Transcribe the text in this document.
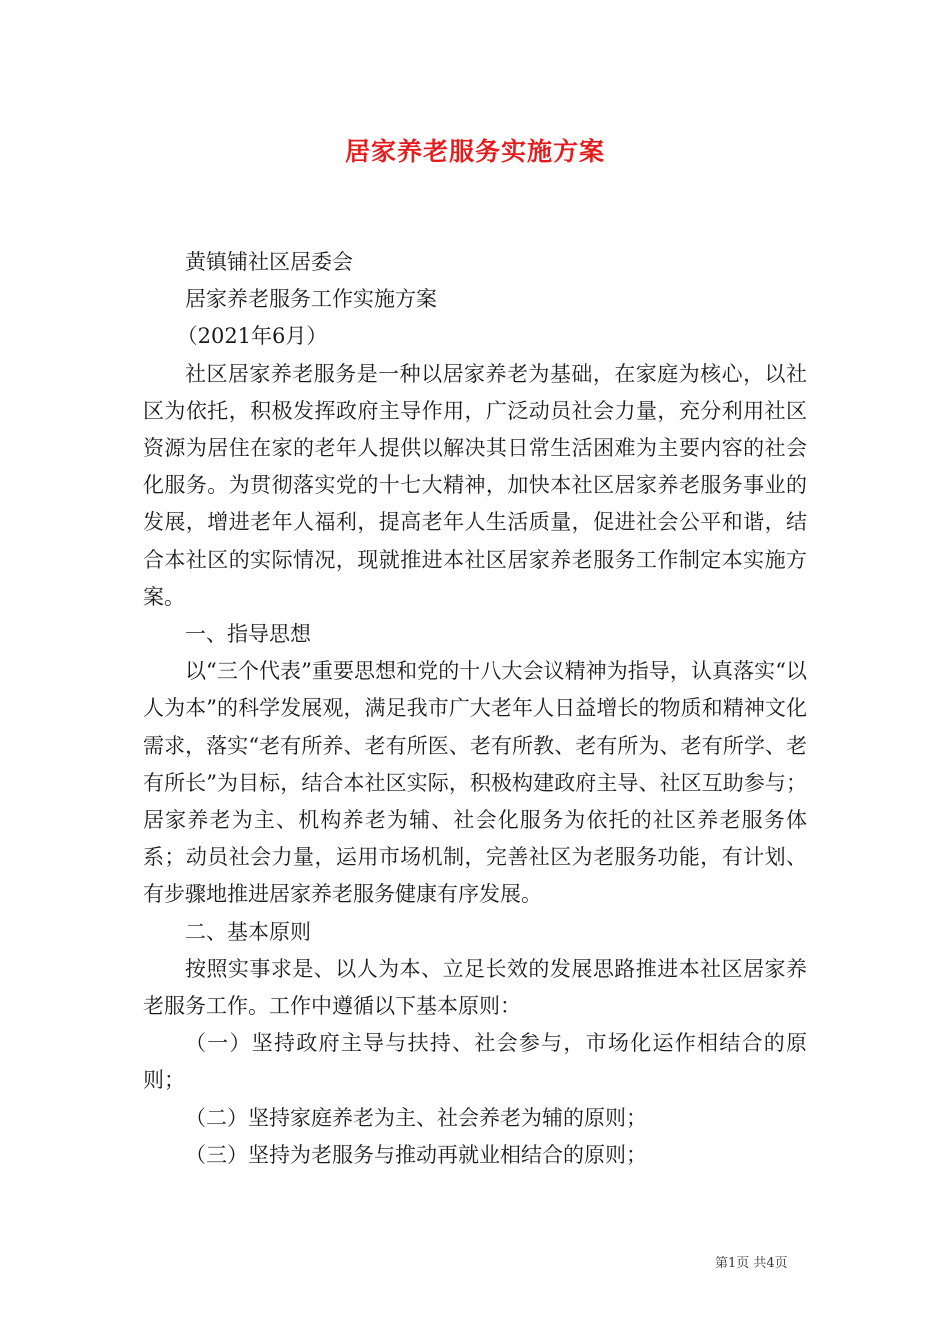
居家养老服务实施方案

黄镇铺社区居委会

居家养老服务工作实施方案

（2021年6月）

社区居家养老服务是一种以居家养老为基础，在家庭为核心，以社区为依托，积极发挥政府主导作用，广泛动员社会力量，充分利用社区资源为居住在家的老年人提供以解决其日常生活困难为主要内容的社会化服务。为贯彻落实党的十七大精神，加快本社区居家养老服务事业的发展，增进老年人福利，提高老年人生活质量，促进社会公平和谐，结合本社区的实际情况，现就推进本社区居家养老服务工作制定本实施方案。

一、指导思想

以“三个代表”重要思想和党的十八大会议精神为指导，认真落实“以人为本”的科学发展观，满足我市广大老年人日益增长的物质和精神文化需求，落实“老有所养、老有所医、老有所教、老有所为、老有所学、老有所长”为目标，结合本社区实际，积极构建政府主导、社区互助参与；居家养老为主、机构养老为辅、社会化服务为依托的社区养老服务体系；动员社会力量，运用市场机制，完善社区为老服务功能，有计划、有步骤地推进居家养老服务健康有序发展。

二、基本原则

按照实事求是、以人为本、立足长效的发展思路推进本社区居家养老服务工作。工作中遵循以下基本原则：

（一）坚持政府主导与扶持、社会参与，市场化运作相结合的原则；

（二）坚持家庭养老为主、社会养老为辅的原则；

（三）坚持为老服务与推动再就业相结合的原则；

第1页 共4页
